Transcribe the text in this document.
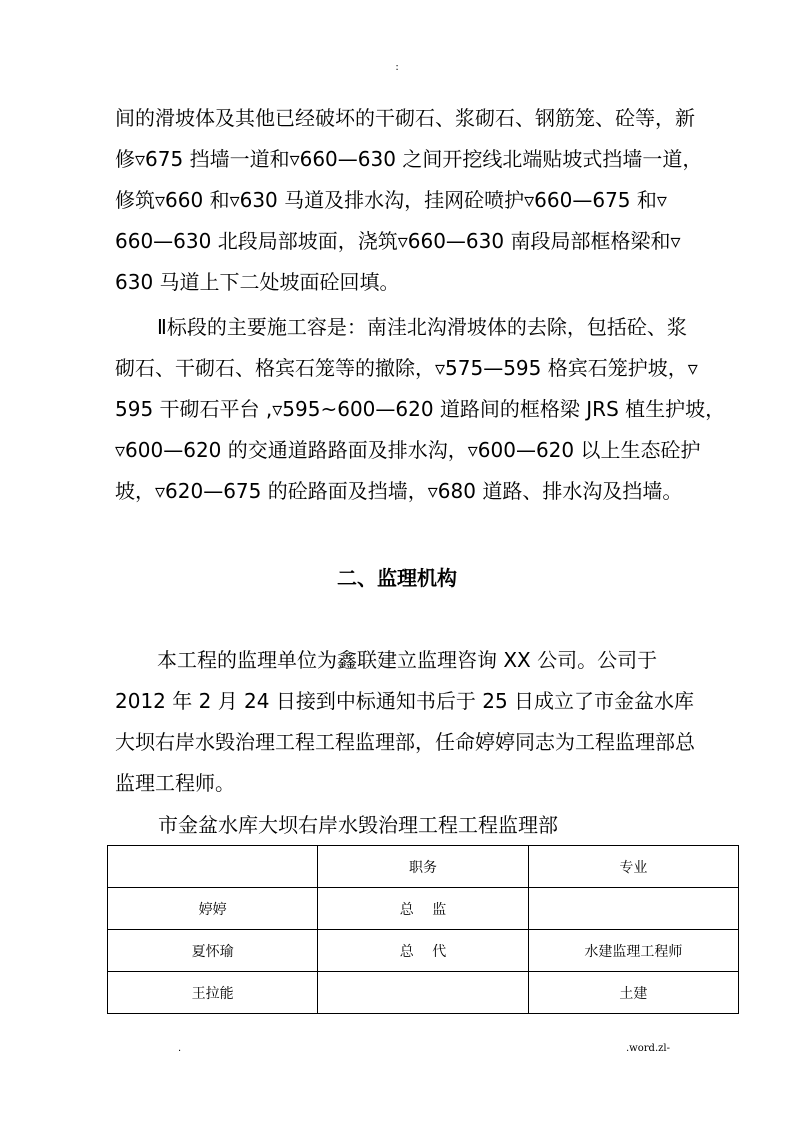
:
间的滑坡体及其他已经破坏的干砌石、浆砌石、钢筋笼、砼等，新
修▿675 挡墙一道和▿660—630 之间开挖线北端贴坡式挡墙一道，
修筑▿660 和▿630 马道及排水沟，挂网砼喷护▿660—675 和▿
660—630 北段局部坡面，浇筑▿660—630 南段局部框格梁和▿
630 马道上下二处坡面砼回填。
Ⅱ标段的主要施工容是：南洼北沟滑坡体的去除，包括砼、浆
砌石、干砌石、格宾石笼等的撤除，▿575—595 格宾石笼护坡，▿
595 干砌石平台 ,▿595~600—620 道路间的框格梁 JRS 植生护坡，
▿600—620 的交通道路路面及排水沟，▿600—620 以上生态砼护
坡，▿620—675 的砼路面及挡墙，▿680 道路、排水沟及挡墙。
二、监理机构
本工程的监理单位为鑫联建立监理咨询 XX 公司。公司于
2012 年 2 月 24 日接到中标通知书后于 25 日成立了市金盆水库
大坝右岸水毁治理工程工程监理部，任命婷婷同志为工程监理部总
监理工程师。
市金盆水库大坝右岸水毁治理工程工程监理部
	职务	专业
婷婷	总　 监	
夏怀瑜	总　 代	水建监理工程师
王拉能		土建
.	.word.zl-
